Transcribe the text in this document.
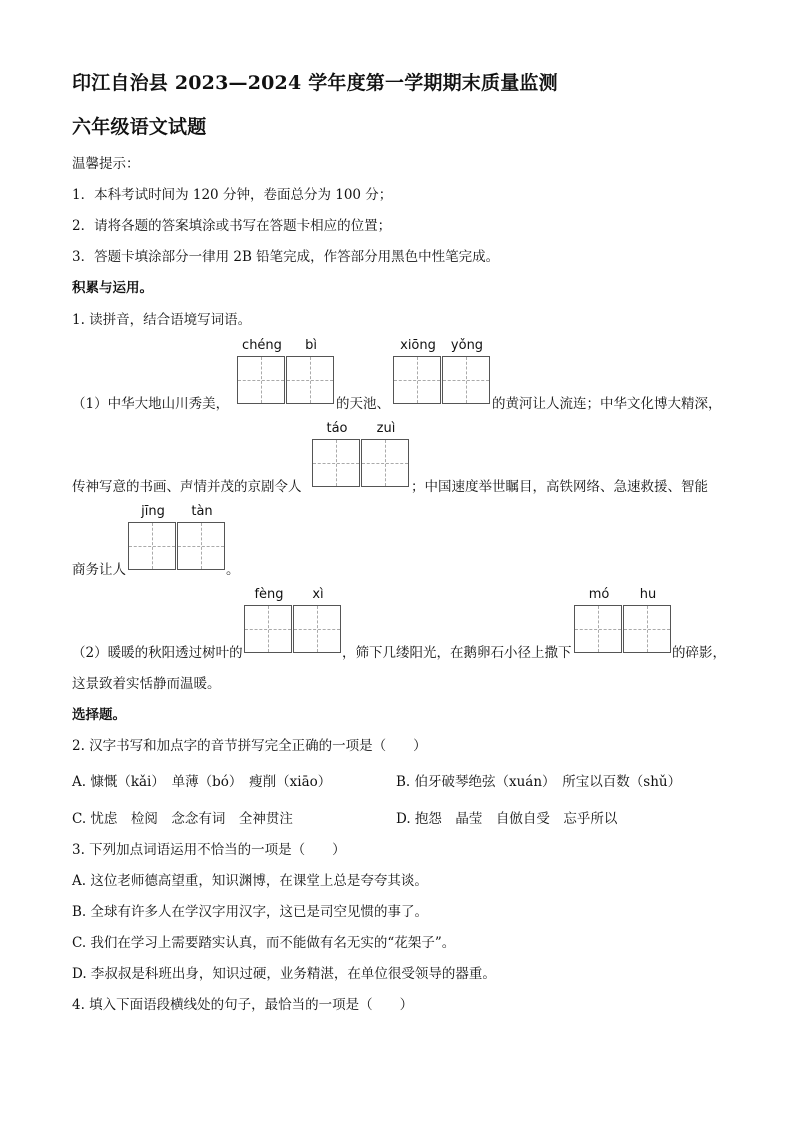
印江自治县 2023—2024 学年度第一学期期末质量监测
六年级语文试题
温馨提示：
1．本科考试时间为 120 分钟，卷面总分为 100 分；
2．请将各题的答案填涂或书写在答题卡相应的位置；
3．答题卡填涂部分一律用 2B 铅笔完成，作答部分用黑色中性笔完成。
积累与运用。
1. 读拼音，结合语境写词语。
chéng	bì	xiōng	yǒng
（1）中华大地山川秀美，	的天池、	的黄河让人流连；中华文化博大精深，
táo	zuì
传神写意的书画、声情并茂的京剧令人	；中国速度举世瞩目，高铁网络、急速救援、智能
jīng	tàn
商务让人	。
fèng	xì	mó	hu
（2）暖暖的秋阳透过树叶的	，筛下几缕阳光，在鹅卵石小径上撒下	的碎影，
这景致着实恬静而温暖。
选择题。
2. 汉字书写和加点字的音节拼写完全正确的一项是（　　）
A. 慷慨（kǎi）　单薄（bó）　瘦削（xiāo）	B. 伯牙破琴绝弦（xuán）　所宝以百数（shǔ）
C. 忧虑　检阅　念念有词　全神贯注	D. 抱怨　晶莹　自倣自受　忘乎所以
3. 下列加点词语运用不恰当的一项是（　　）
A. 这位老师德高望重，知识渊博，在课堂上总是夸夸其谈。
B. 全球有许多人在学汉字用汉字，这已是司空见惯的事了。
C. 我们在学习上需要踏实认真，而不能做有名无实的“花架子”。
D. 李叔叔是科班出身，知识过硬，业务精湛，在单位很受领导的器重。
4. 填入下面语段横线处的句子，最恰当的一项是（　　）
